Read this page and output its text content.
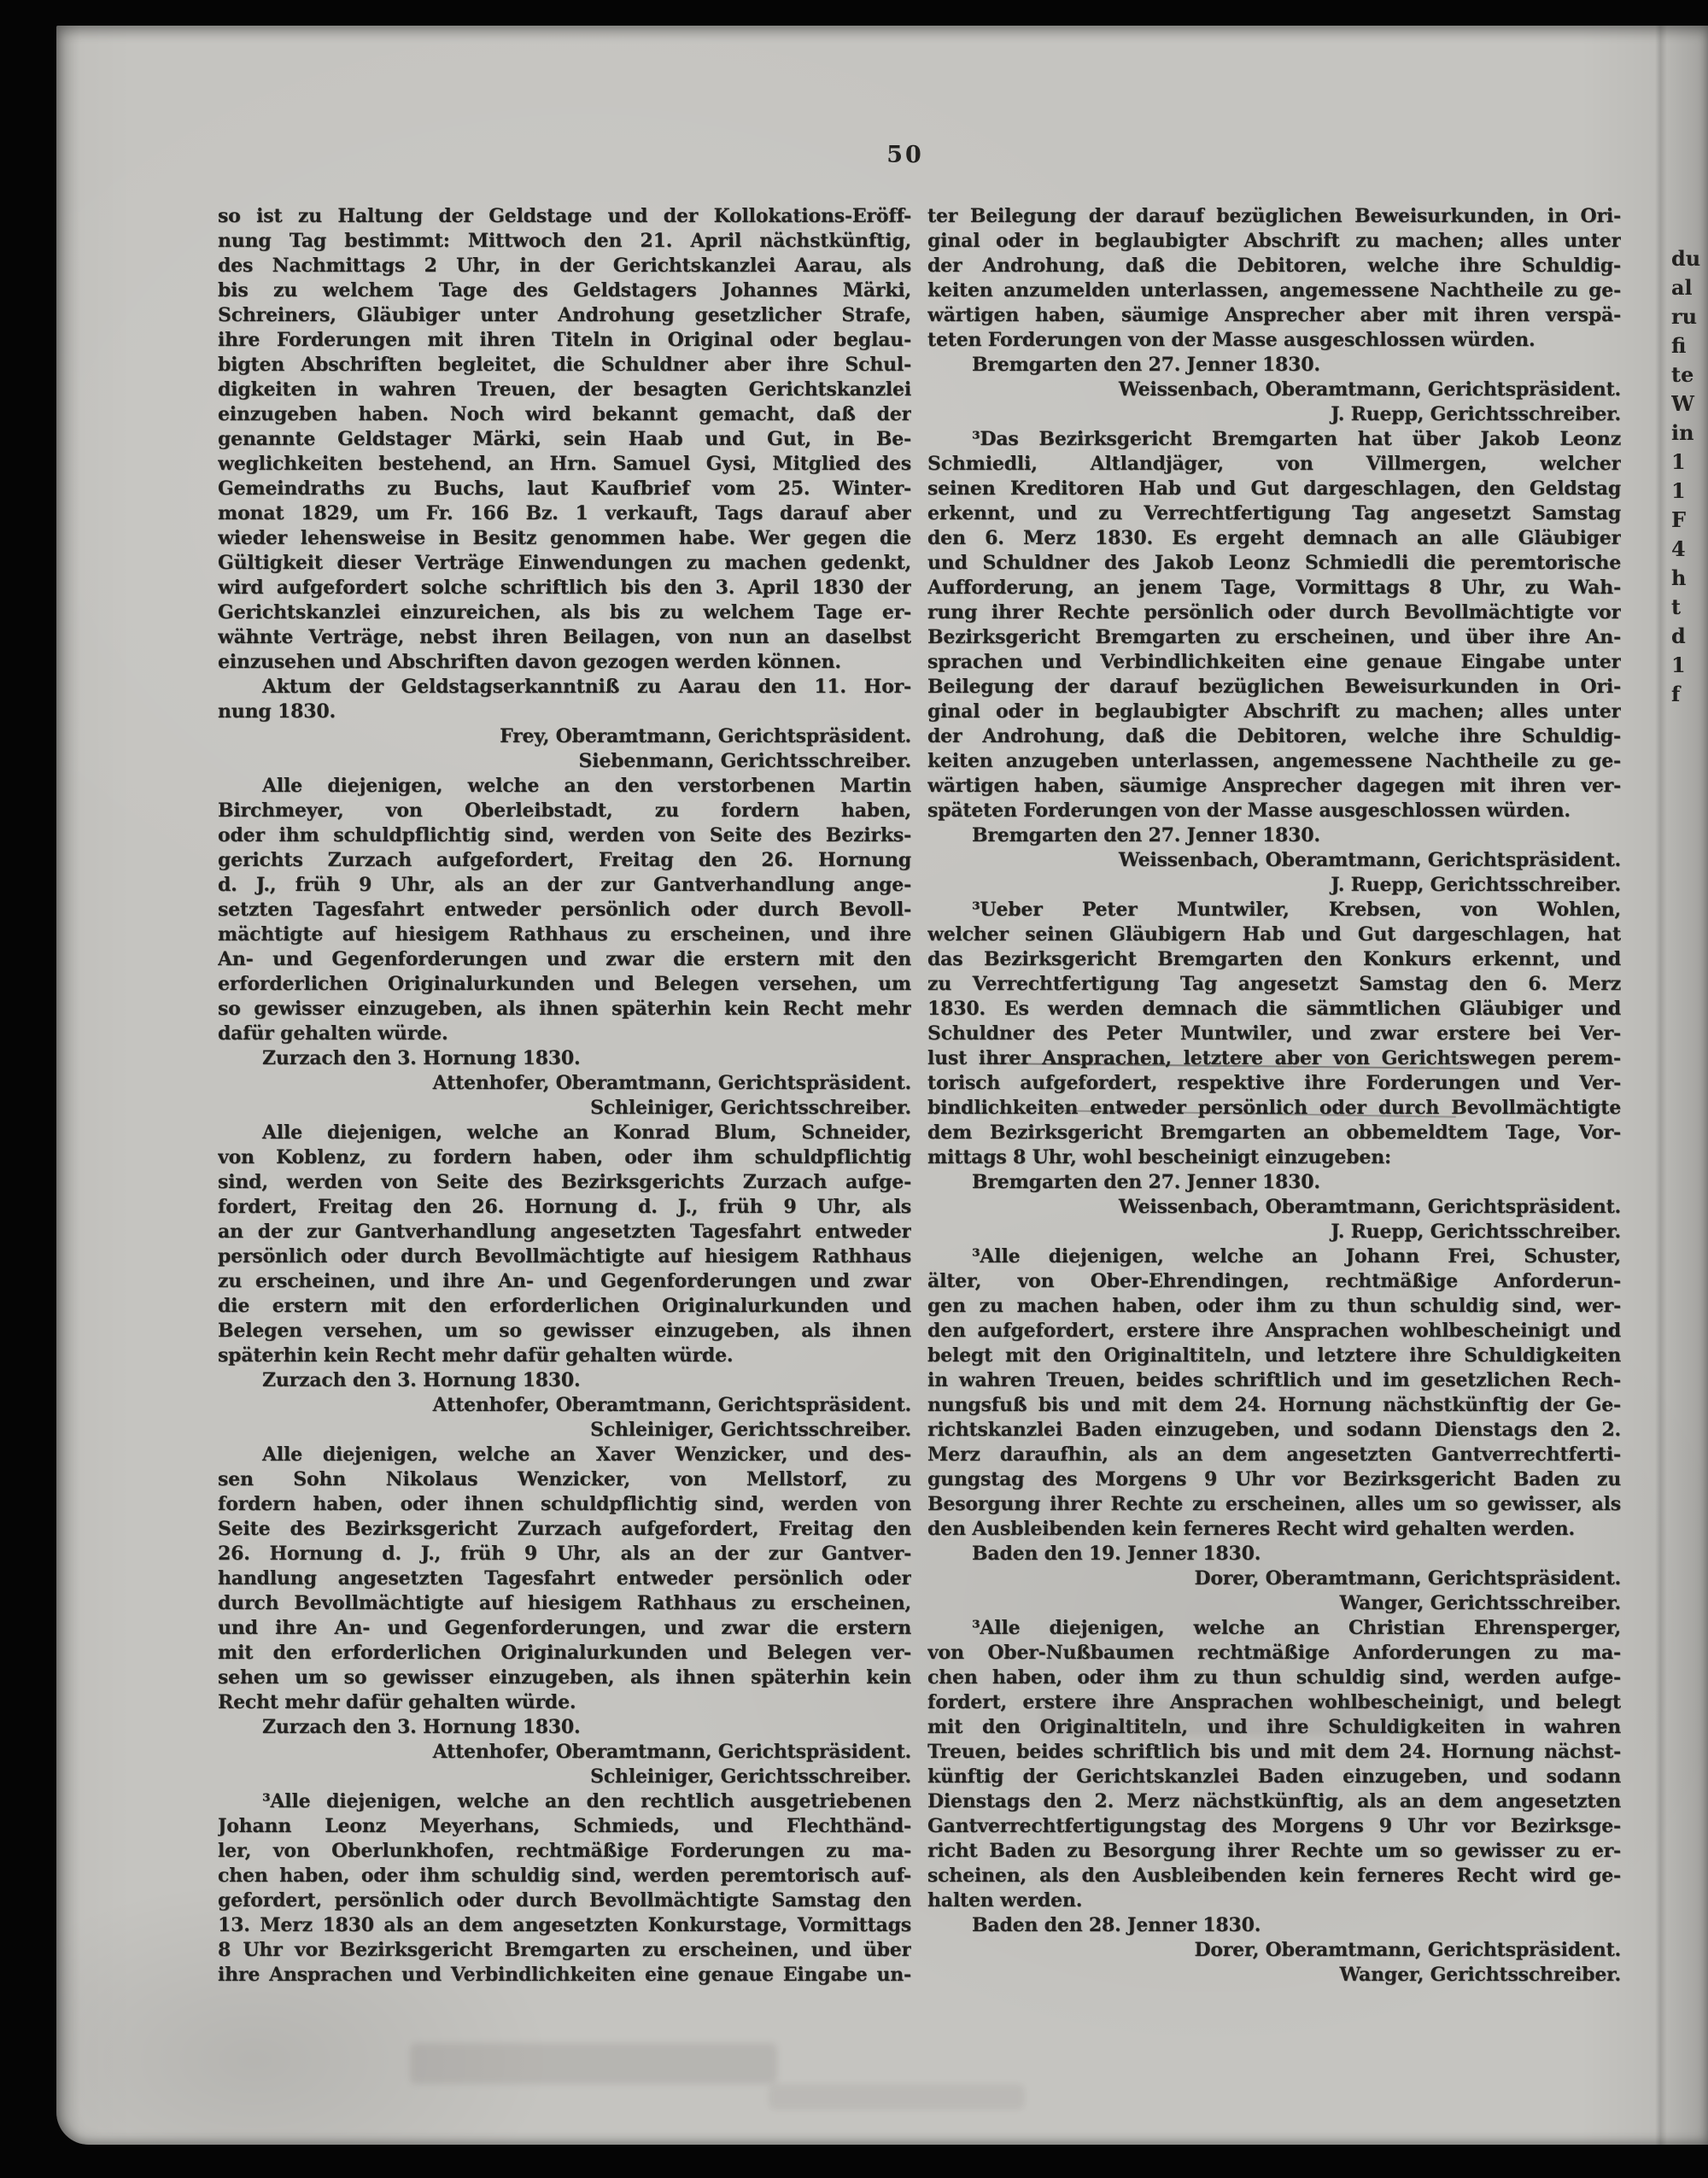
50
so ist zu Haltung der Geldstage und der Kollokations-Eröff-
nung Tag bestimmt: Mittwoch den 21. April nächstkünftig,
des Nachmittags 2 Uhr, in der Gerichtskanzlei Aarau, als
bis zu welchem Tage des Geldstagers Johannes Märki,
Schreiners, Gläubiger unter Androhung gesetzlicher Strafe,
ihre Forderungen mit ihren Titeln in Original oder beglau-
bigten Abschriften begleitet, die Schuldner aber ihre Schul-
digkeiten in wahren Treuen, der besagten Gerichtskanzlei
einzugeben haben. Noch wird bekannt gemacht, daß der
genannte Geldstager Märki, sein Haab und Gut, in Be-
weglichkeiten bestehend, an Hrn. Samuel Gysi, Mitglied des
Gemeindraths zu Buchs, laut Kaufbrief vom 25. Winter-
monat 1829, um Fr. 166 Bz. 1 verkauft, Tags darauf aber
wieder lehensweise in Besitz genommen habe. Wer gegen die
Gültigkeit dieser Verträge Einwendungen zu machen gedenkt,
wird aufgefordert solche schriftlich bis den 3. April 1830 der
Gerichtskanzlei einzureichen, als bis zu welchem Tage er-
wähnte Verträge, nebst ihren Beilagen, von nun an daselbst
einzusehen und Abschriften davon gezogen werden können.
Aktum der Geldstagserkanntniß zu Aarau den 11. Hor-
nung 1830.
Frey, Oberamtmann, Gerichtspräsident.
Siebenmann, Gerichtsschreiber.
Alle diejenigen, welche an den verstorbenen Martin
Birchmeyer, von Oberleibstadt, zu fordern haben,
oder ihm schuldpflichtig sind, werden von Seite des Bezirks-
gerichts Zurzach aufgefordert, Freitag den 26. Hornung
d. J., früh 9 Uhr, als an der zur Gantverhandlung ange-
setzten Tagesfahrt entweder persönlich oder durch Bevoll-
mächtigte auf hiesigem Rathhaus zu erscheinen, und ihre
An- und Gegenforderungen und zwar die erstern mit den
erforderlichen Originalurkunden und Belegen versehen, um
so gewisser einzugeben, als ihnen späterhin kein Recht mehr
dafür gehalten würde.
Zurzach den 3. Hornung 1830.
Attenhofer, Oberamtmann, Gerichtspräsident.
Schleiniger, Gerichtsschreiber.
Alle diejenigen, welche an Konrad Blum, Schneider,
von Koblenz, zu fordern haben, oder ihm schuldpflichtig
sind, werden von Seite des Bezirksgerichts Zurzach aufge-
fordert, Freitag den 26. Hornung d. J., früh 9 Uhr, als
an der zur Gantverhandlung angesetzten Tagesfahrt entweder
persönlich oder durch Bevollmächtigte auf hiesigem Rathhaus
zu erscheinen, und ihre An- und Gegenforderungen und zwar
die erstern mit den erforderlichen Originalurkunden und
Belegen versehen, um so gewisser einzugeben, als ihnen
späterhin kein Recht mehr dafür gehalten würde.
Zurzach den 3. Hornung 1830.
Attenhofer, Oberamtmann, Gerichtspräsident.
Schleiniger, Gerichtsschreiber.
Alle diejenigen, welche an Xaver Wenzicker, und des-
sen Sohn Nikolaus Wenzicker, von Mellstorf, zu
fordern haben, oder ihnen schuldpflichtig sind, werden von
Seite des Bezirksgericht Zurzach aufgefordert, Freitag den
26. Hornung d. J., früh 9 Uhr, als an der zur Gantver-
handlung angesetzten Tagesfahrt entweder persönlich oder
durch Bevollmächtigte auf hiesigem Rathhaus zu erscheinen,
und ihre An- und Gegenforderungen, und zwar die erstern
mit den erforderlichen Originalurkunden und Belegen ver-
sehen um so gewisser einzugeben, als ihnen späterhin kein
Recht mehr dafür gehalten würde.
Zurzach den 3. Hornung 1830.
Attenhofer, Oberamtmann, Gerichtspräsident.
Schleiniger, Gerichtsschreiber.
³Alle diejenigen, welche an den rechtlich ausgetriebenen
Johann Leonz Meyerhans, Schmieds, und Flechthänd-
ler, von Oberlunkhofen, rechtmäßige Forderungen zu ma-
chen haben, oder ihm schuldig sind, werden peremtorisch auf-
gefordert, persönlich oder durch Bevollmächtigte Samstag den
13. Merz 1830 als an dem angesetzten Konkurstage, Vormittags
8 Uhr vor Bezirksgericht Bremgarten zu erscheinen, und über
ihre Ansprachen und Verbindlichkeiten eine genaue Eingabe un-
ter Beilegung der darauf bezüglichen Beweisurkunden, in Ori-
ginal oder in beglaubigter Abschrift zu machen; alles unter
der Androhung, daß die Debitoren, welche ihre Schuldig-
keiten anzumelden unterlassen, angemessene Nachtheile zu ge-
wärtigen haben, säumige Ansprecher aber mit ihren verspä-
teten Forderungen von der Masse ausgeschlossen würden.
Bremgarten den 27. Jenner 1830.
Weissenbach, Oberamtmann, Gerichtspräsident.
J. Ruepp, Gerichtsschreiber.
³Das Bezirksgericht Bremgarten hat über Jakob Leonz
Schmiedli, Altlandjäger, von Villmergen, welcher
seinen Kreditoren Hab und Gut dargeschlagen, den Geldstag
erkennt, und zu Verrechtfertigung Tag angesetzt Samstag
den 6. Merz 1830. Es ergeht demnach an alle Gläubiger
und Schuldner des Jakob Leonz Schmiedli die peremtorische
Aufforderung, an jenem Tage, Vormittags 8 Uhr, zu Wah-
rung ihrer Rechte persönlich oder durch Bevollmächtigte vor
Bezirksgericht Bremgarten zu erscheinen, und über ihre An-
sprachen und Verbindlichkeiten eine genaue Eingabe unter
Beilegung der darauf bezüglichen Beweisurkunden in Ori-
ginal oder in beglaubigter Abschrift zu machen; alles unter
der Androhung, daß die Debitoren, welche ihre Schuldig-
keiten anzugeben unterlassen, angemessene Nachtheile zu ge-
wärtigen haben, säumige Ansprecher dagegen mit ihren ver-
späteten Forderungen von der Masse ausgeschlossen würden.
Bremgarten den 27. Jenner 1830.
Weissenbach, Oberamtmann, Gerichtspräsident.
J. Ruepp, Gerichtsschreiber.
³Ueber Peter Muntwiler, Krebsen, von Wohlen,
welcher seinen Gläubigern Hab und Gut dargeschlagen, hat
das Bezirksgericht Bremgarten den Konkurs erkennt, und
zu Verrechtfertigung Tag angesetzt Samstag den 6. Merz
1830. Es werden demnach die sämmtlichen Gläubiger und
Schuldner des Peter Muntwiler, und zwar erstere bei Ver-
lust ihrer Ansprachen, letztere aber von Gerichtswegen perem-
torisch aufgefordert, respektive ihre Forderungen und Ver-
bindlichkeiten entweder persönlich oder durch Bevollmächtigte
dem Bezirksgericht Bremgarten an obbemeldtem Tage, Vor-
mittags 8 Uhr, wohl bescheinigt einzugeben:
Bremgarten den 27. Jenner 1830.
Weissenbach, Oberamtmann, Gerichtspräsident.
J. Ruepp, Gerichtsschreiber.
³Alle diejenigen, welche an Johann Frei, Schuster,
älter, von Ober-Ehrendingen, rechtmäßige Anforderun-
gen zu machen haben, oder ihm zu thun schuldig sind, wer-
den aufgefordert, erstere ihre Ansprachen wohlbescheinigt und
belegt mit den Originaltiteln, und letztere ihre Schuldigkeiten
in wahren Treuen, beides schriftlich und im gesetzlichen Rech-
nungsfuß bis und mit dem 24. Hornung nächstkünftig der Ge-
richtskanzlei Baden einzugeben, und sodann Dienstags den 2.
Merz daraufhin, als an dem angesetzten Gantverrechtferti-
gungstag des Morgens 9 Uhr vor Bezirksgericht Baden zu
Besorgung ihrer Rechte zu erscheinen, alles um so gewisser, als
den Ausbleibenden kein ferneres Recht wird gehalten werden.
Baden den 19. Jenner 1830.
Dorer, Oberamtmann, Gerichtspräsident.
Wanger, Gerichtsschreiber.
³Alle diejenigen, welche an Christian Ehrensperger,
von Ober-Nußbaumen rechtmäßige Anforderungen zu ma-
chen haben, oder ihm zu thun schuldig sind, werden aufge-
fordert, erstere ihre Ansprachen wohlbescheinigt, und belegt
mit den Originaltiteln, und ihre Schuldigkeiten in wahren
Treuen, beides schriftlich bis und mit dem 24. Hornung nächst-
künftig der Gerichtskanzlei Baden einzugeben, und sodann
Dienstags den 2. Merz nächstkünftig, als an dem angesetzten
Gantverrechtfertigungstag des Morgens 9 Uhr vor Bezirksge-
richt Baden zu Besorgung ihrer Rechte um so gewisser zu er-
scheinen, als den Ausbleibenden kein ferneres Recht wird ge-
halten werden.
Baden den 28. Jenner 1830.
Dorer, Oberamtmann, Gerichtspräsident.
Wanger, Gerichtsschreiber.
du
al
ru
fi
te
W
in
1
1
F
4
h
t
d
1
f
